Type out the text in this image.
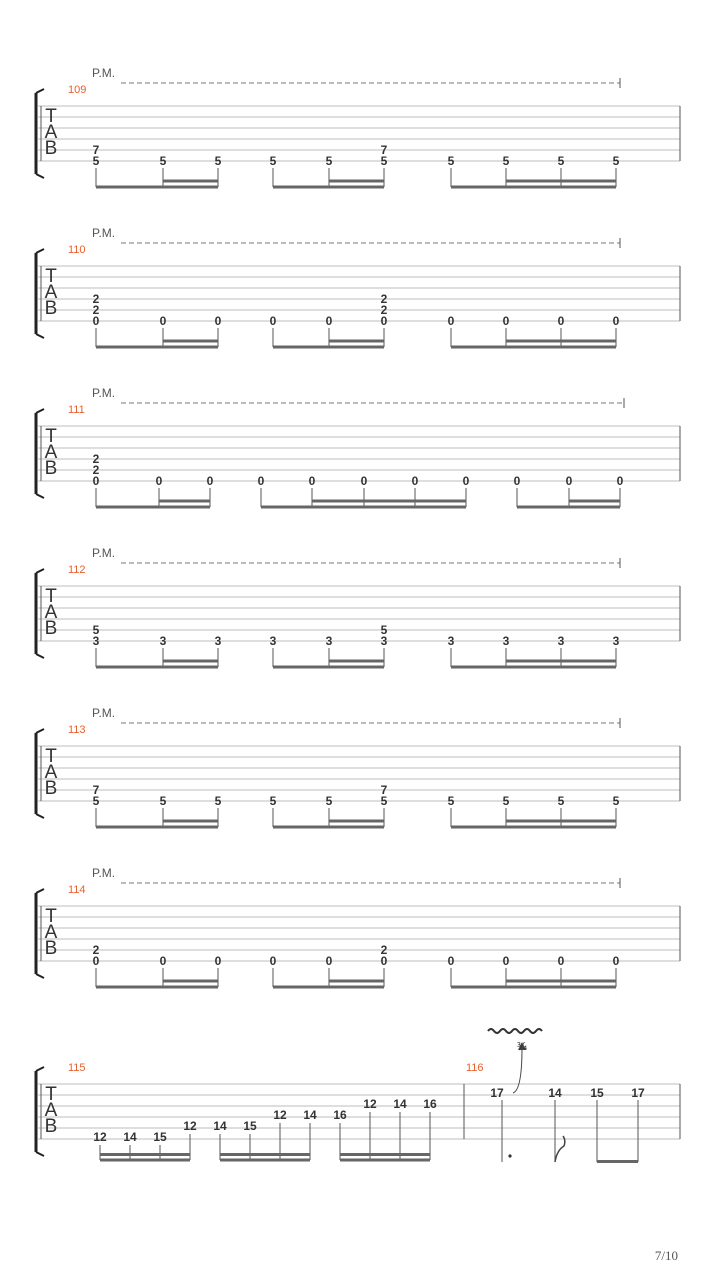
T
A
B
109
P.M.
7
5	5	5	5	5
7
5	5	5	5	5
T
A
B
110
P.M.
2
2
0	0	0	0	0
2
2
0	0	0	0	0
T
A
B
111
P.M.
2
2
0	0	0	0	0	0	0	0	0	0	0
T
A
B
112
P.M.
5
3	3	3	3	3
5
3	3	3	3	3
T
A
B
113
P.M.
7
5	5	5	5	5
7
5	5	5	5	5
T
A
B
114
P.M.
2
0	0	0	0	0
2
0	0	0	0	0
T
A
B
115	116
12 14 15
12 14 15
12 14 16
12 14 16
17	14 15 17
¾
7/10
